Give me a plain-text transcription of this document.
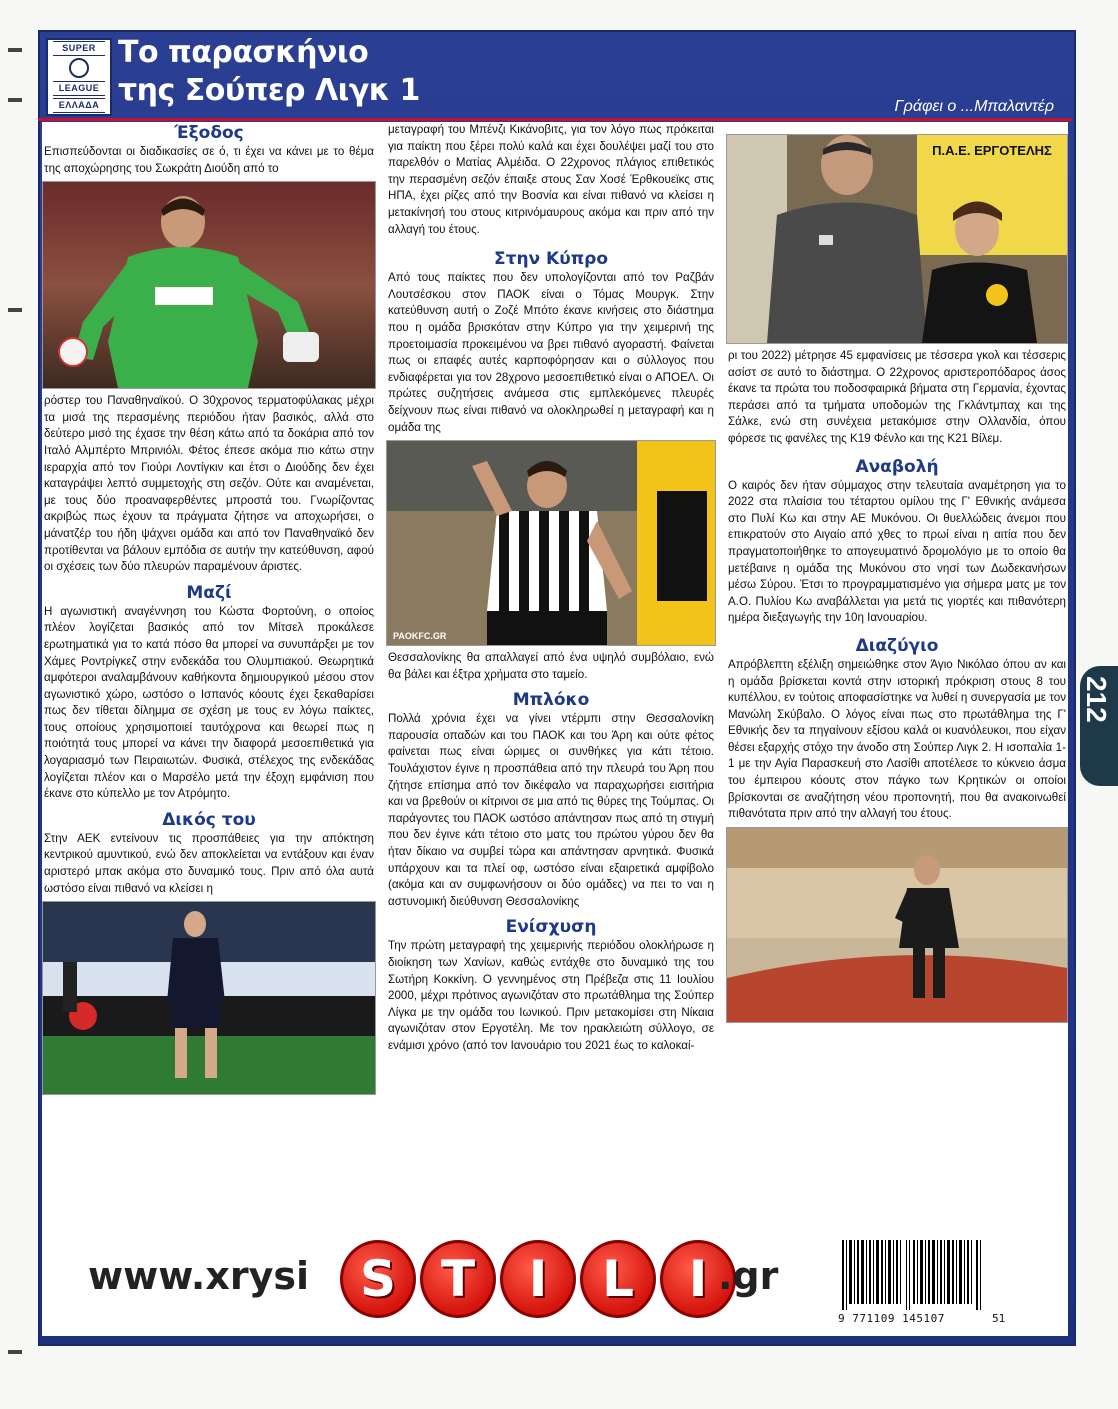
SUPER
LEAGUE
ΕΛΛΑΔΑ
Το παρασκήνιο
της Σούπερ Λιγκ 1	Γράφει ο ...Μπαλαντέρ
Έξοδος

Επισπεύδονται οι διαδικασίες σε ό, τι έχει να κάνει με το θέμα της αποχώρησης του Σωκράτη Διούδη από το

ρόστερ του Παναθηναϊκού. Ο 30χρονος τερματοφύλακας μέχρι τα μισά της περασμένης περιόδου ήταν βασικός, αλλά στο δεύτερο μισό της έχασε την θέση κάτω από τα δοκάρια από τον Ιταλό Αλμπέρτο Μπρινιόλι. Φέτος έπεσε ακόμα πιο κάτω στην ιεραρχία από τον Γιούρι Λοντίγκιν και έτσι ο Διούδης δεν έχει καταγράψει λεπτό συμμετοχής στη σεζόν. Ούτε και αναμένεται, με τους δύο προαναφερθέντες μπροστά του. Γνωρίζοντας ακριβώς πως έχουν τα πράγματα ζήτησε να αποχωρήσει, ο μάνατζέρ του ήδη ψάχνει ομάδα και από τον Παναθηναϊκό δεν προτίθενται να βάλουν εμπόδια σε αυτήν την κατεύθυνση, αφού οι σχέσεις των δύο πλευρών παραμένουν άριστες.

Μαζί

Η αγωνιστική αναγέννηση του Κώστα Φορτούνη, ο οποίος πλέον λογίζεται βασικός από τον Μίτσελ προκάλεσε ερωτηματικά για το κατά πόσο θα μπορεί να συνυπάρξει με τον Χάμες Ροντρίγκεζ στην ενδεκάδα του Ολυμπιακού. Θεωρητικά αμφότεροι αναλαμβάνουν καθήκοντα δημιουργικού μέσου στον αγωνιστικό χώρο, ωστόσο ο Ισπανός κόουτς έχει ξεκαθαρίσει πως δεν τίθεται δίλημμα σε σχέση με τους εν λόγω παίκτες, τους οποίους χρησιμοποιεί ταυτόχρονα και θεωρεί πως η ποιότητά τους μπορεί να κάνει την διαφορά μεσοεπιθετικά για λογαριασμό των Πειραιωτών. Φυσικά, στέλεχος της ενδεκάδας λογίζεται πλέον και ο Μαρσέλο μετά την έξοχη εμφάνιση που έκανε στο κύπελλο με τον Ατρόμητο.

Δικός του

Στην ΑΕΚ εντείνουν τις προσπάθειες για την απόκτηση κεντρικού αμυντικού, ενώ δεν αποκλείεται να εντάξουν και έναν αριστερό μπακ ακόμα στο δυναμικό τους. Πριν από όλα αυτά ωστόσο είναι πιθανό να κλείσει η

μεταγραφή του Μπένζι Κικάνοβιτς, για τον λόγο πως πρόκειται για παίκτη που ξέρει πολύ καλά και έχει δουλέψει μαζί του στο παρελθόν ο Ματίας Αλμέιδα. Ο 22χρονος πλάγιος επιθετικός την περασμένη σεζόν έπαιξε στους Σαν Χοσέ Έρθκουεϊκς στις ΗΠΑ, έχει ρίζες από την Βοσνία και είναι πιθανό να κλείσει η μετακίνησή του στους κιτρινόμαυρους ακόμα και πριν από την αλλαγή του έτους.

Στην Κύπρο

Από τους παίκτες που δεν υπολογίζονται από τον Ραζβάν Λουτσέσκου στον ΠΑΟΚ είναι ο Τόμας Μουργκ. Στην κατεύθυνση αυτή ο Ζοζέ Μπότο έκανε κινήσεις στο διάστημα που η ομάδα βρισκόταν στην Κύπρο για την χειμερινή της προετοιμασία προκειμένου να βρει πιθανό αγοραστή. Φαίνεται πως οι επαφές αυτές καρποφόρησαν και ο σύλλογος που ενδιαφέρεται για τον 28χρονο μεσοεπιθετικό είναι ο ΑΠΟΕΛ. Οι πρώτες συζητήσεις ανάμεσα στις εμπλεκόμενες πλευρές δείχνουν πως είναι πιθανό να ολοκληρωθεί η μεταγραφή και η ομάδα της

PAOKFC.GR

Θεσσαλονίκης θα απαλλαγεί από ένα υψηλό συμβόλαιο, ενώ θα βάλει και έξτρα χρήματα στο ταμείο.

Μπλόκο

Πολλά χρόνια έχει να γίνει ντέρμπι στην Θεσσαλονίκη παρουσία οπαδών και του ΠΑΟΚ και του Άρη και ούτε φέτος φαίνεται πως είναι ώριμες οι συνθήκες για κάτι τέτοιο. Τουλάχιστον έγινε η προσπάθεια από την πλευρά του Άρη που ζήτησε επίσημα από τον δικέφαλο να παραχωρήσει εισιτήρια και να βρεθούν οι κίτρινοι σε μια από τις θύρες της Τούμπας. Οι παράγοντες του ΠΑΟΚ ωστόσο απάντησαν πως από τη στιγμή που δεν έγινε κάτι τέτοιο στο ματς του πρώτου γύρου δεν θα ήταν δίκαιο να συμβεί τώρα και απάντησαν αρνητικά. Φυσικά υπάρχουν και τα πλεί οφ, ωστόσο είναι εξαιρετικά αμφίβολο (ακόμα και αν συμφωνήσουν οι δύο ομάδες) να πει το ναι η αστυνομική διεύθυνση Θεσσαλονίκης

Ενίσχυση

Την πρώτη μεταγραφή της χειμερινής περιόδου ολοκλήρωσε η διοίκηση των Χανίων, καθώς εντάχθε στο δυναμικό της του Σωτήρη Κοκκίνη. Ο γεννημένος στη Πρέβεζα στις 11 Ιουλίου 2000, μέχρι πρότινος αγωνιζόταν στο πρωτάθλημα της Σούπερ Λίγκα με την ομάδα του Ιωνικού. Πριν μετακομίσει στη Νίκαια αγωνιζόταν στον Εργοτέλη. Με τον ηρακλειώτη σύλλογο, σε ενάμισι χρόνο (από τον Ιανουάριο του 2021 έως το καλοκαί-

Π.Α.Ε. ΕΡΓΟΤΕΛΗΣ

ρι του 2022) μέτρησε 45 εμφανίσεις με τέσσερα γκολ και τέσσερις ασίστ σε αυτό το διάστημα. Ο 22χρονος αριστεροπόδαρος άσος έκανε τα πρώτα του ποδοσφαιρικά βήματα στη Γερμανία, έχοντας περάσει από τα τμήματα υποδομών της Γκλάντμπαχ και της Σάλκε, ενώ στη συνέχεια μετακόμισε στην Ολλανδία, όπου φόρεσε τις φανέλες της Κ19 Φένλο και της Κ21 Βίλεμ.

Αναβολή

Ο καιρός δεν ήταν σύμμαχος στην τελευταία αναμέτρηση για το 2022 στα πλαίσια του τέταρτου ομίλου της Γ' Εθνικής ανάμεσα στο Πυλί Κω και στην ΑΕ Μυκόνου. Οι θυελλώδεις άνεμοι που επικρατούν στο Αιγαίο από χθες το πρωί είναι η αιτία που δεν πραγματοποιήθηκε το απογευματινό δρομολόγιο με το οποίο θα μετέβαινε η ομάδα της Μυκόνου στο νησί των Δωδεκανήσων μέσω Σύρου. Έτσι το προγραμματισμένο για σήμερα ματς με τον Α.Ο. Πυλίου Κω αναβάλλεται για μετά τις γιορτές και πιθανότερη ημέρα διεξαγωγής την 10η Ιανουαρίου.

Διαζύγιο

Απρόβλεπτη εξέλιξη σημειώθηκε στον Άγιο Νικόλαο όπου αν και η ομάδα βρίσκεται κοντά στην ιστορική πρόκριση στους 8 του κυπέλλου, εν τούτοις αποφασίστηκε να λυθεί η συνεργασία με τον Μανώλη Σκύβαλο. Ο λόγος είναι πως στο πρωτάθλημα της Γ' Εθνικής δεν τα πηγαίνουν εξίσου καλά οι κυανόλευκοι, που είχαν θέσει εξαρχής στόχο την άνοδο στη Σούπερ Λιγκ 2. Η ισοπαλία 1-1 με την Αγία Παρασκευή στο Λασίθι αποτέλεσε το κύκνειο άσμα του έμπειρου κόουτς στον πάγκο των Κρητικών οι οποίοι βρίσκονται σε αναζήτηση νέου προπονητή, που θα ανακοινωθεί πιθανότατα πριν από την αλλαγή του έτους.

www.xrysi	S T	I	L	I .gr
9 771109 145107	51
212
